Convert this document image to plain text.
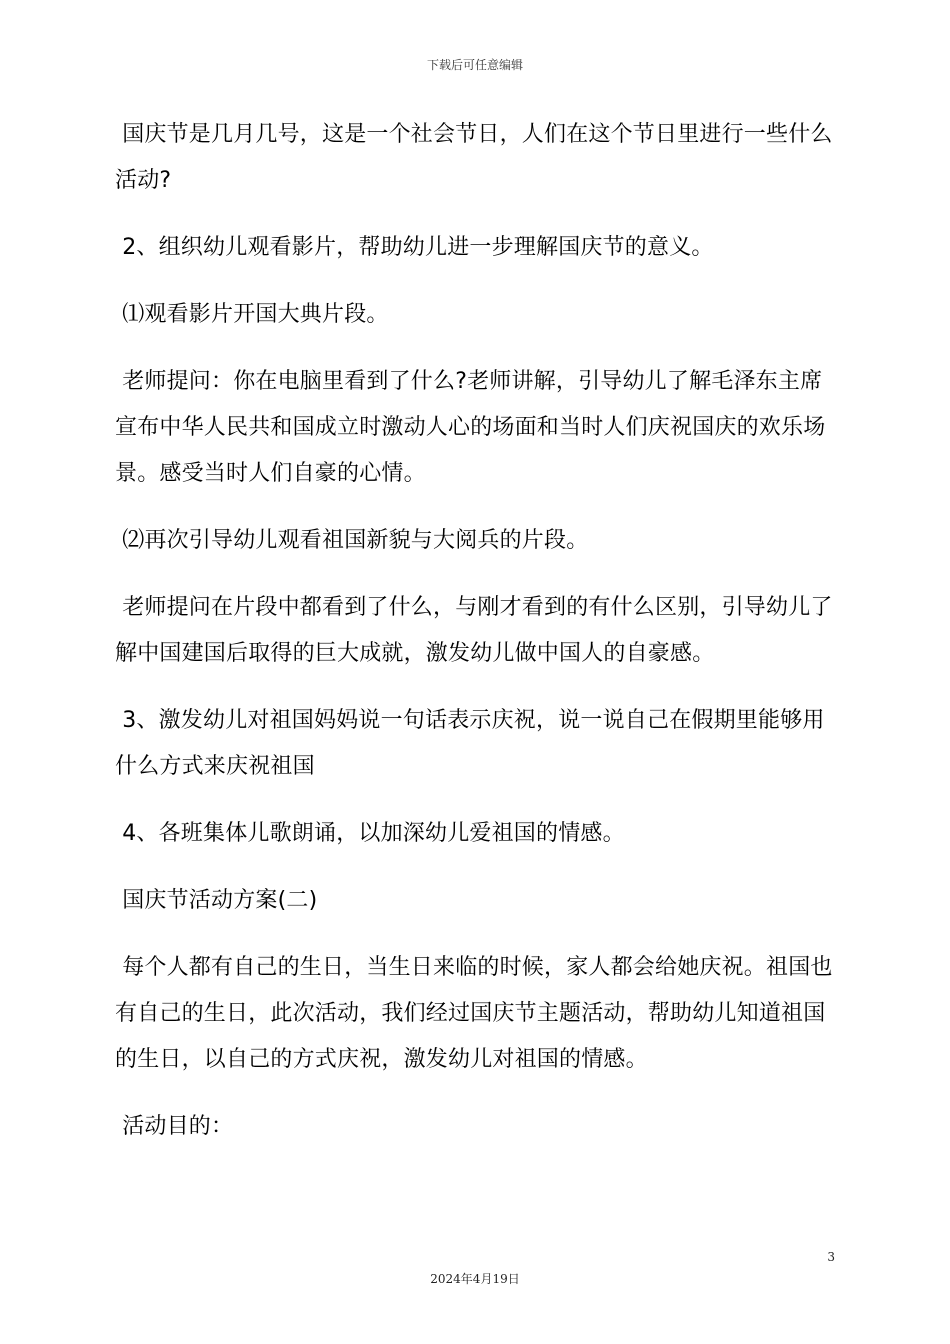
下载后可任意编辑

国庆节是几月几号，这是一个社会节日，人们在这个节日里进行一些什么活动?

2、组织幼儿观看影片，帮助幼儿进一步理解国庆节的意义。

⑴观看影片开国大典片段。

老师提问：你在电脑里看到了什么?老师讲解，引导幼儿了解毛泽东主席宣布中华人民共和国成立时激动人心的场面和当时人们庆祝国庆的欢乐场景。感受当时人们自豪的心情。

⑵再次引导幼儿观看祖国新貌与大阅兵的片段。

老师提问在片段中都看到了什么，与刚才看到的有什么区别，引导幼儿了解中国建国后取得的巨大成就，激发幼儿做中国人的自豪感。

3、激发幼儿对祖国妈妈说一句话表示庆祝，说一说自己在假期里能够用什么方式来庆祝祖国

4、各班集体儿歌朗诵，以加深幼儿爱祖国的情感。

国庆节活动方案(二)

每个人都有自己的生日，当生日来临的时候，家人都会给她庆祝。祖国也有自己的生日，此次活动，我们经过国庆节主题活动，帮助幼儿知道祖国的生日，以自己的方式庆祝，激发幼儿对祖国的情感。

活动目的：

3
2024年4月19日
